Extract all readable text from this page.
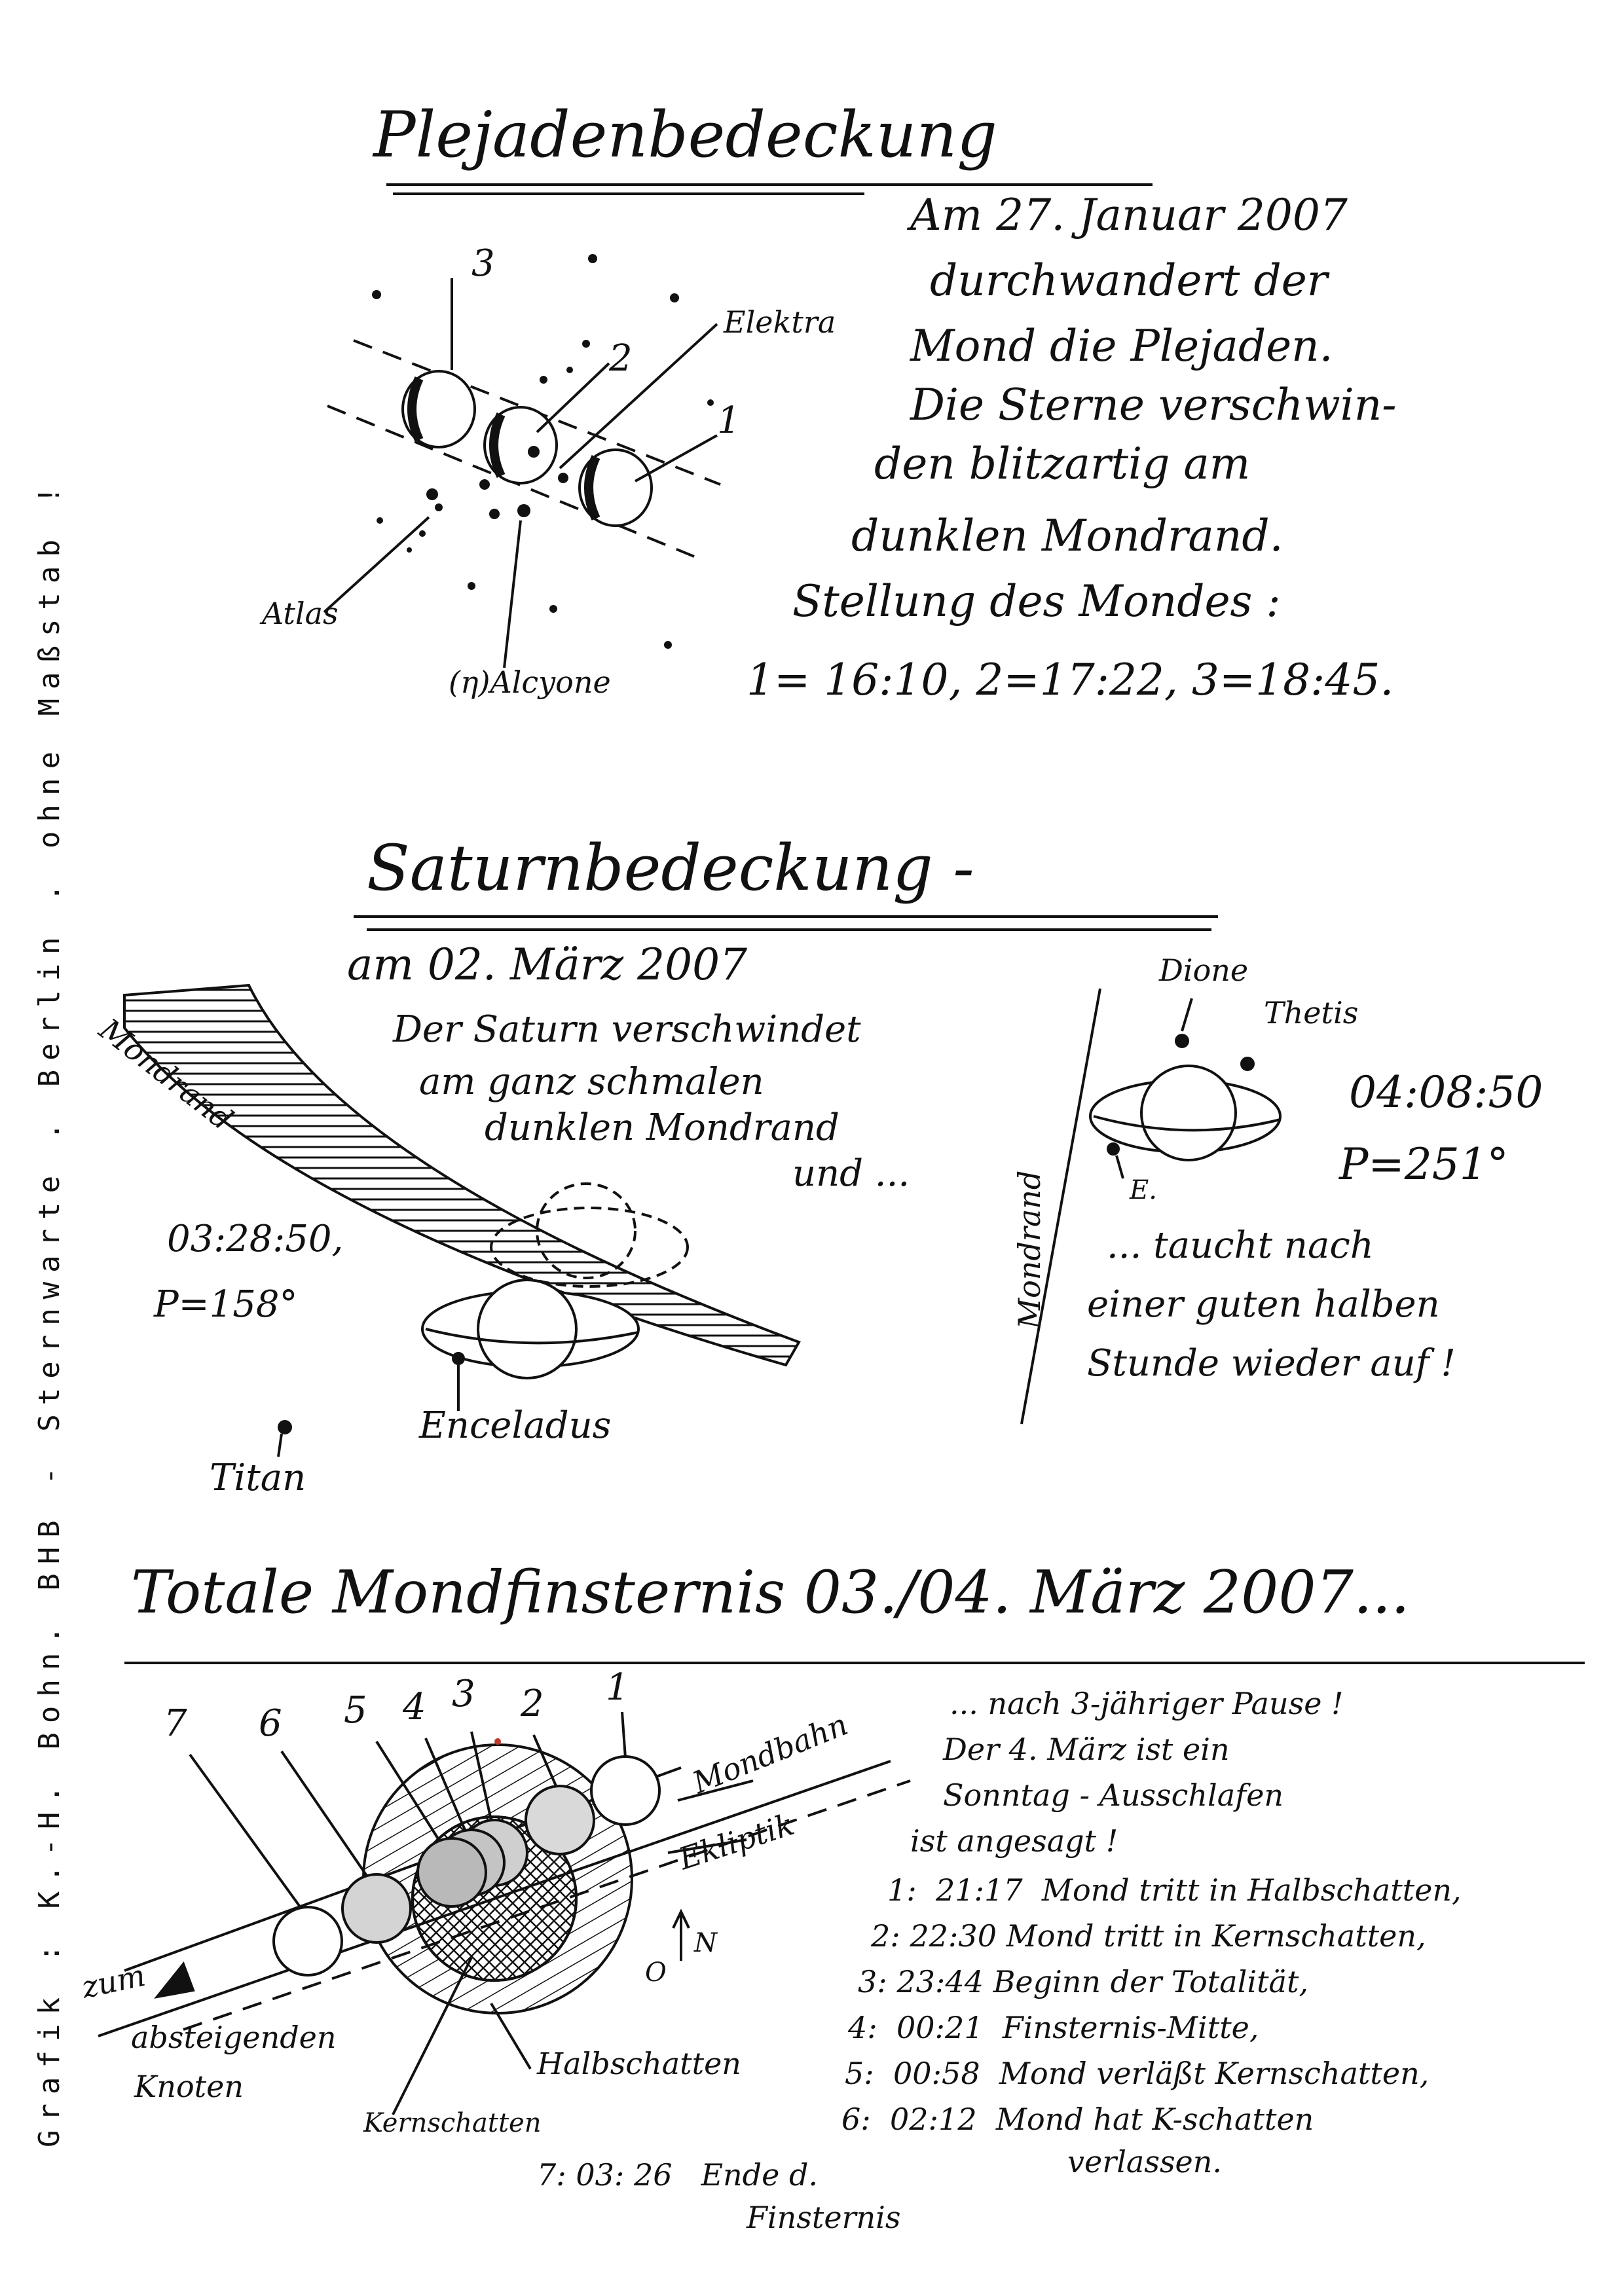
Grafik : K.-H. Bohn. BHB - Sternwarte . Berlin . ohne Maßstab !
Plejadenbedeckung
Am 27. Januar 2007
durchwandert der
Mond die Plejaden.
Die Sterne verschwin-
den blitzartig am
dunklen Mondrand.
Stellung des Mondes :
1= 16:10, 2=17:22, 3=18:45.
3
2
1
Elektra
Atlas
(η)Alcyone
Saturnbedeckung -
am 02. März 2007
Der Saturn verschwindet
am ganz schmalen
dunklen Mondrand
und ...
Mondrand
03:28:50,
P=158°
Enceladus
Titan
Mondrand
Dione
Thetis
E.
04:08:50
P=251°
... taucht nach
einer guten halben
Stunde wieder auf !
Totale Mondfinsternis 03./04. März 2007...
7 6 5 4 3 2 1
Mondbahn
Ekliptik
zum
absteigenden
Knoten
Halbschatten
Kernschatten
O
N
... nach 3-jähriger Pause !
Der 4. März ist ein
Sonntag - Ausschlafen
ist angesagt !
1: 21:17 Mond tritt in Halbschatten,
2: 22:30 Mond tritt in Kernschatten,
3: 23:44 Beginn der Totalität,
4: 00:21 Finsternis-Mitte,
5: 00:58 Mond verläßt Kernschatten,
6: 02:12 Mond hat K-schatten
verlassen.
7: 03: 26 Ende d.
Finsternis
